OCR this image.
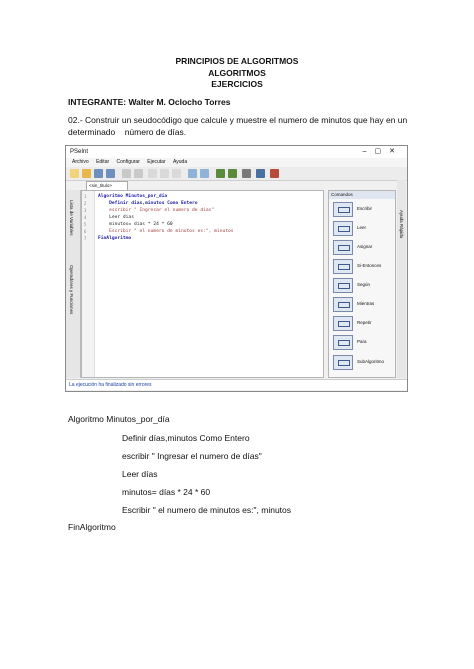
PRINCIPIOS DE ALGORITMOS
ALGORITMOS
EJERCICIOS
INTEGRANTE: Walter M. Oclocho Torres
02.- Construir un seudocódigo que calcule y muestre el numero de minutos que hay en un
determinado    número de días.
PSeInt	–▢✕
Archivo Editar Configurar Ejecutar Ayuda
<sin_titulo>
Lista de Variables
Operadores y Funciones
1
2
3
4
5
6
7
Algoritmo Minutos_por_dia
Definir dias,minutos Como Entero
escribir " Ingresar el numero de dias"
Leer dias
minutos= dias * 24 * 60
Escribir " el numero de minutos es:", minutos
FinAlgoritmo
Comandos
Escribir
Leer
Asignar
Si-Entonces
Según
Mientras
Repetir
Para
SubAlgoritmo
Ayuda Rápida
La ejecución ha finalizado sin errores
Algoritmo Minutos_por_día
Definir días,minutos Como Entero
escribir " Ingresar el numero de días"
Leer días
minutos= días * 24 * 60
Escribir " el numero de minutos es:", minutos
FinAlgoritmo
